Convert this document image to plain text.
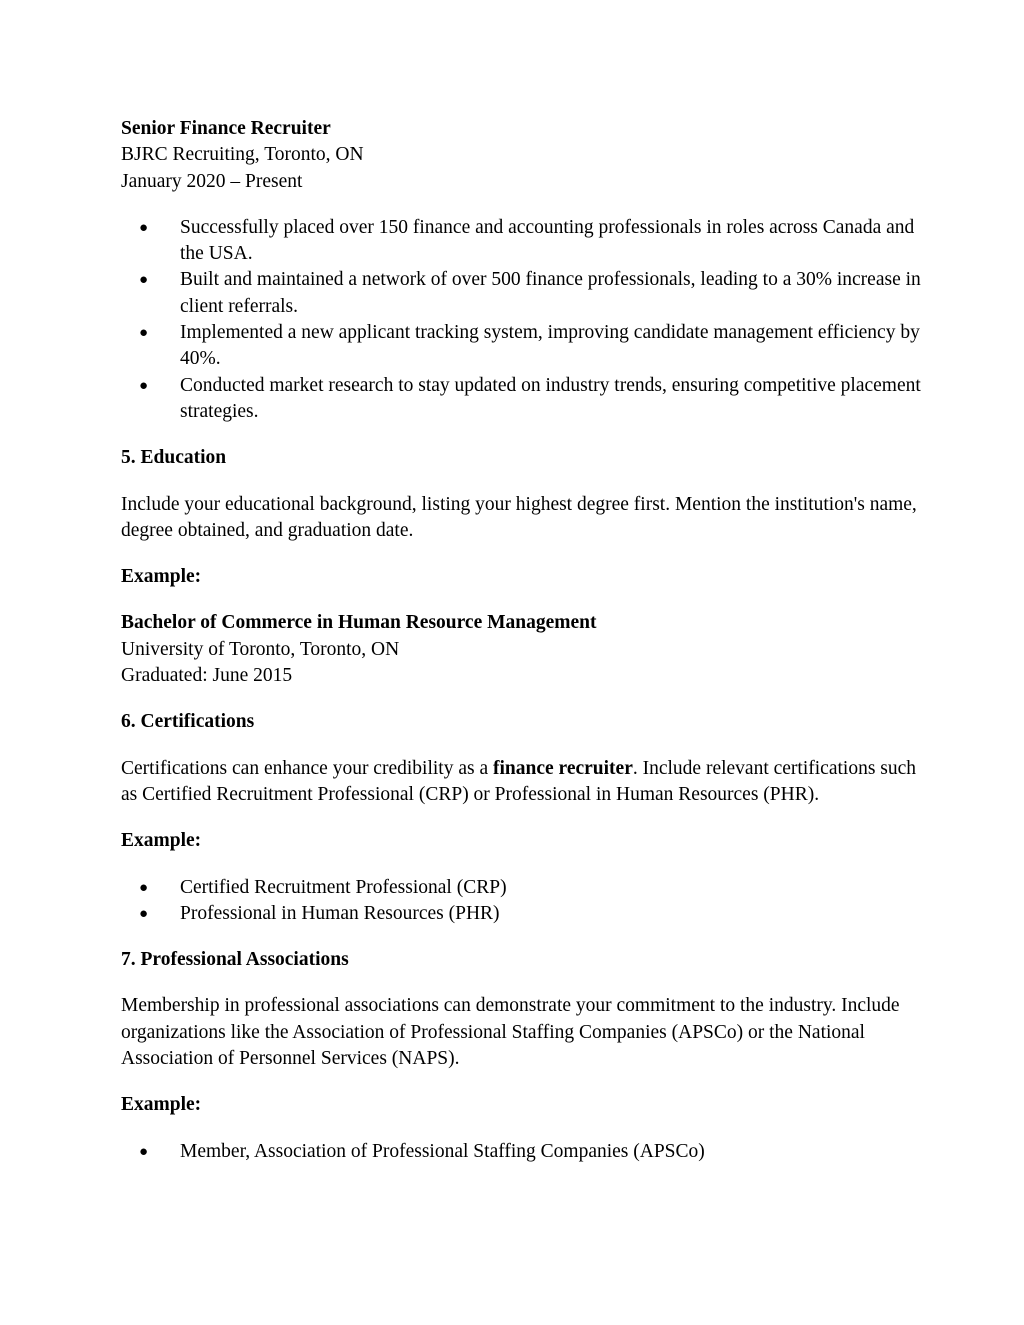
Senior Finance Recruiter

BJRC Recruiting, Toronto, ON

January 2020 – Present

● Successfully placed over 150 finance and accounting professionals in roles across Canada and the USA.
● Built and maintained a network of over 500 finance professionals, leading to a 30% increase in client referrals.
● Implemented a new applicant tracking system, improving candidate management efficiency by 40%.
● Conducted market research to stay updated on industry trends, ensuring competitive placement strategies.

5. Education

Include your educational background, listing your highest degree first. Mention the institution's name, degree obtained, and graduation date.

Example:

Bachelor of Commerce in Human Resource Management

University of Toronto, Toronto, ON

Graduated: June 2015

6. Certifications

Certifications can enhance your credibility as a finance recruiter. Include relevant certifications such as Certified Recruitment Professional (CRP) or Professional in Human Resources (PHR).

Example:

● Certified Recruitment Professional (CRP)
● Professional in Human Resources (PHR)

7. Professional Associations

Membership in professional associations can demonstrate your commitment to the industry. Include organizations like the Association of Professional Staffing Companies (APSCo) or the National Association of Personnel Services (NAPS).

Example:

● Member, Association of Professional Staffing Companies (APSCo)
